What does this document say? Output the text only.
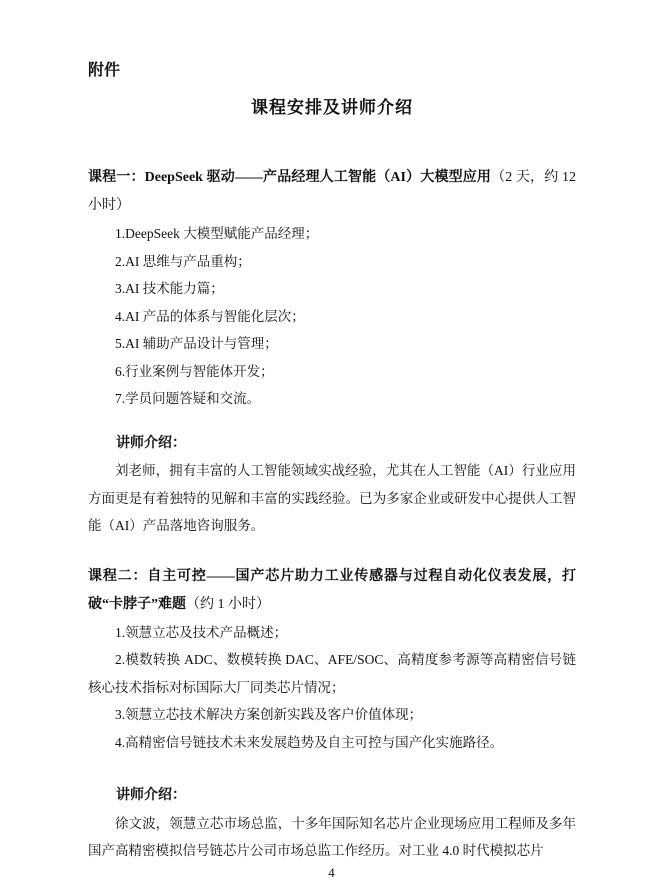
附件
课程安排及讲师介绍

课程一：DeepSeek 驱动——产品经理人工智能（AI）大模型应用（2 天，约 12 小时）

1.DeepSeek 大模型赋能产品经理；

2.AI 思维与产品重构；

3.AI 技术能力篇；

4.AI 产品的体系与智能化层次；

5.AI 辅助产品设计与管理；

6.行业案例与智能体开发；

7.学员问题答疑和交流。

讲师介绍：

刘老师，拥有丰富的人工智能领域实战经验，尤其在人工智能（AI）行业应用方面更是有着独特的见解和丰富的实践经验。已为多家企业或研发中心提供人工智能（AI）产品落地咨询服务。

课程二：自主可控——国产芯片助力工业传感器与过程自动化仪表发展，打破“卡脖子”难题（约 1 小时）

1.领慧立芯及技术产品概述；

2.模数转换 ADC、数模转换 DAC、AFE/SOC、高精度参考源等高精密信号链核心技术指标对标国际大厂同类芯片情况；

3.领慧立芯技术解决方案创新实践及客户价值体现；

4.高精密信号链技术未来发展趋势及自主可控与国产化实施路径。

讲师介绍：

徐文波，领慧立芯市场总监，十多年国际知名芯片企业现场应用工程师及多年国产高精密模拟信号链芯片公司市场总监工作经历。对工业 4.0 时代模拟芯片

4
